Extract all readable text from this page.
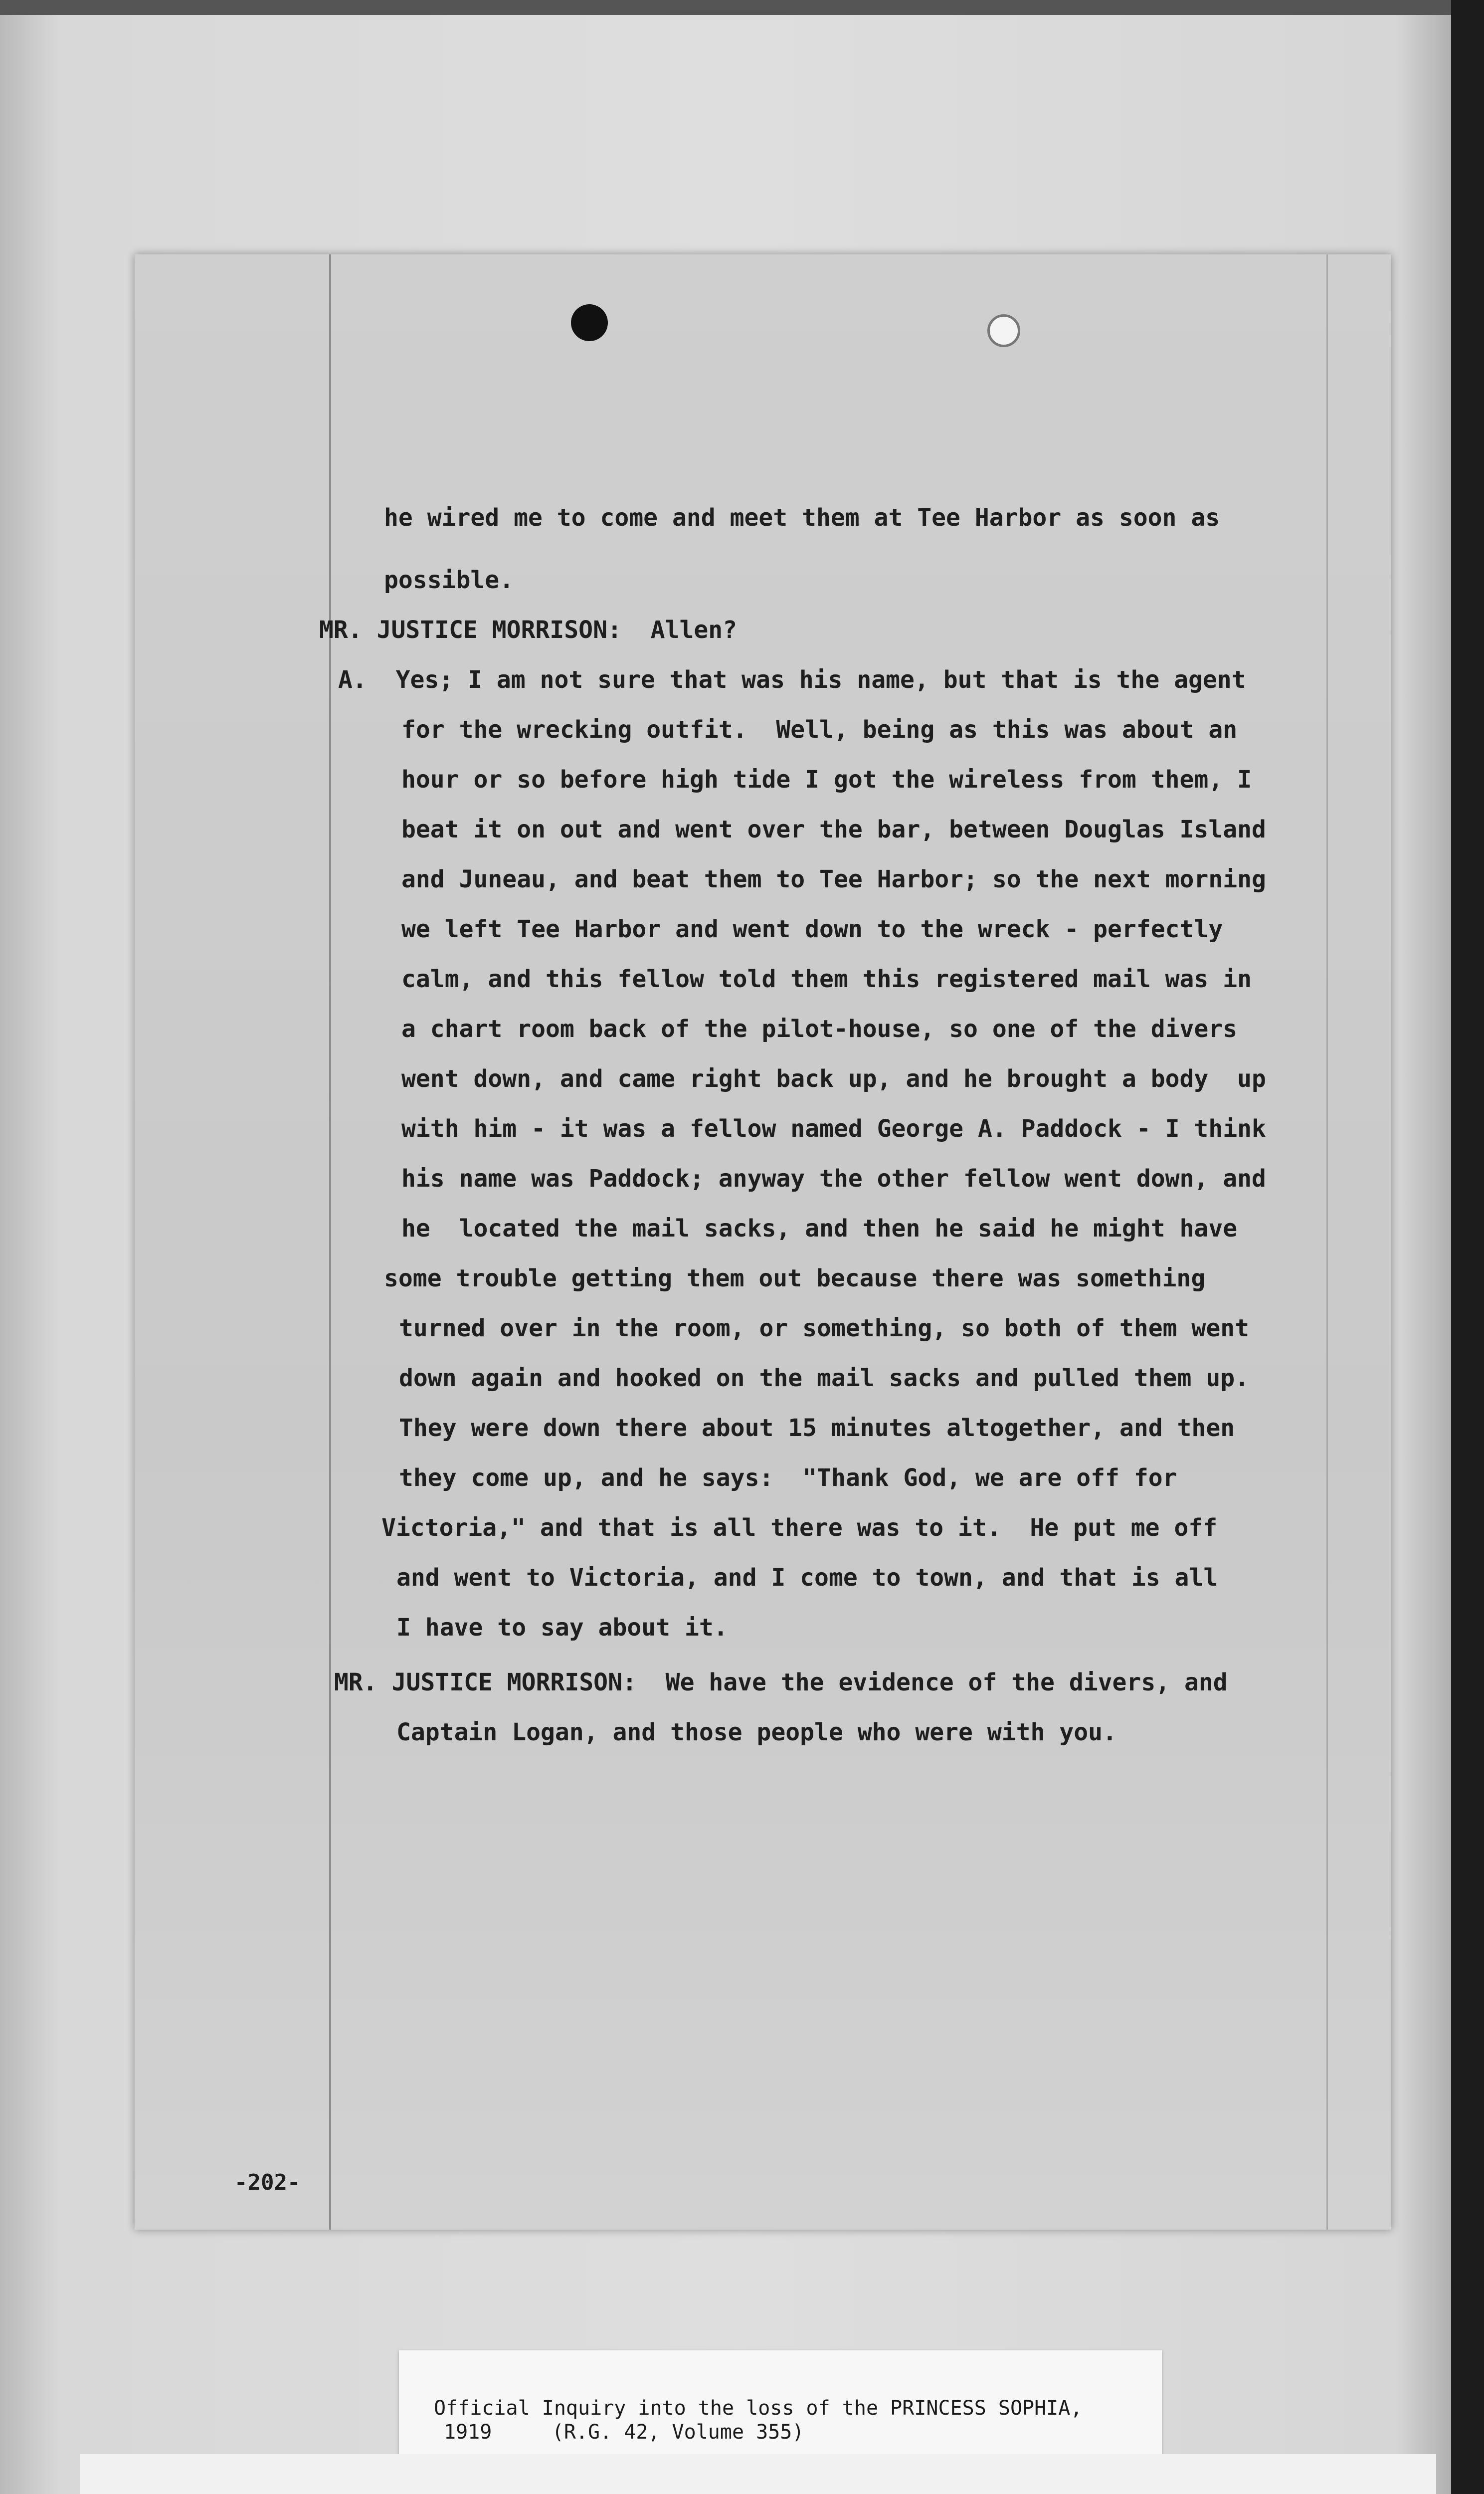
he wired me to come and meet them at Tee Harbor as soon as

possible.

MR. JUSTICE MORRISON:  Allen?

A.  Yes; I am not sure that was his name, but that is the agent

for the wrecking outfit.  Well, being as this was about an

hour or so before high tide I got the wireless from them, I

beat it on out and went over the bar, between Douglas Island

and Juneau, and beat them to Tee Harbor; so the next morning

we left Tee Harbor and went down to the wreck - perfectly

calm, and this fellow told them this registered mail was in

a chart room back of the pilot-house, so one of the divers

went down, and came right back up, and he brought a body  up

with him - it was a fellow named George A. Paddock - I think

his name was Paddock; anyway the other fellow went down, and

he  located the mail sacks, and then he said he might have

some trouble getting them out because there was something

turned over in the room, or something, so both of them went

down again and hooked on the mail sacks and pulled them up.

They were down there about 15 minutes altogether, and then

they come up, and he says:  "Thank God, we are off for

Victoria," and that is all there was to it.  He put me off

and went to Victoria, and I come to town, and that is all

I have to say about it.

MR. JUSTICE MORRISON:  We have the evidence of the divers, and

Captain Logan, and those people who were with you.

-202-

Official Inquiry into the loss of the PRINCESS SOPHIA,

1919     (R.G. 42, Volume 355)
